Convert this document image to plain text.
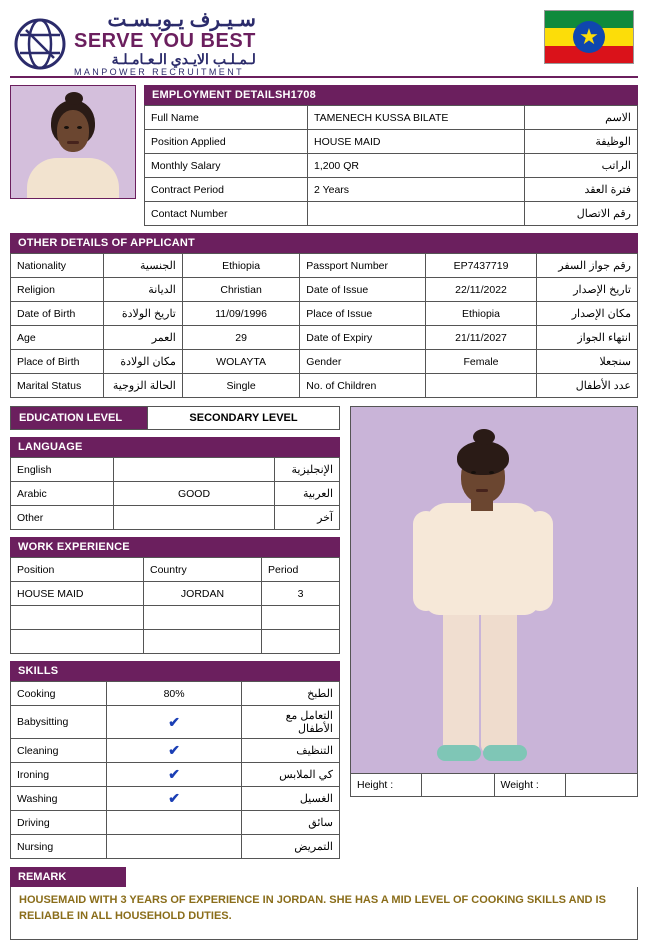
سـيـرف يـوبـسـت
SERVE YOU BEST
لـمـلـب الايـدي الـعـامـلـة
MANPOWER RECRUITMENT
★
EMPLOYMENT DETAIL SH1708
Full Name	TAMENECH KUSSA BILATE	الاسم
Position Applied	HOUSE MAID	الوظيفة
Monthly Salary	1,200 QR	الراتب
Contract Period	2 Years	فترة العقد
Contact Number		رقم الاتصال
OTHER DETAILS OF APPLICANT
Nationality	الجنسية	Ethiopia	Passport Number	EP7437719	رقم جواز السفر
Religion	الديانة	Christian	Date of Issue	22/11/2022	تاريخ الإصدار
Date of Birth	تاريخ الولادة	11/09/1996	Place of Issue	Ethiopia	مكان الإصدار
Age	العمر	29	Date of Expiry	21/11/2027	انتهاء الجواز
Place of Birth	مكان الولادة	WOLAYTA	Gender	Female	سنجعلا
Marital Status	الحالة الزوجية	Single	No. of Children		عدد الأطفال
EDUCATION LEVEL	SECONDARY LEVEL
LANGUAGE
English		الإنجليزية
Arabic	GOOD	العربية
Other		آخر
WORK EXPERIENCE
Position	Country	Period
HOUSE MAID	JORDAN	3

SKILLS
Cooking	80%	الطبخ
Babysitting	✔	التعامل مع الأطفال
Cleaning	✔	التنظيف
Ironing	✔	كي الملابس
Washing	✔	الغسيل
Driving		سائق
Nursing		التمريض
Height :	Weight :
REMARK
HOUSEMAID WITH 3 YEARS OF EXPERIENCE IN JORDAN. SHE HAS A MID LEVEL OF COOKING SKILLS AND IS RELIABLE IN ALL HOUSEHOLD DUTIES.
